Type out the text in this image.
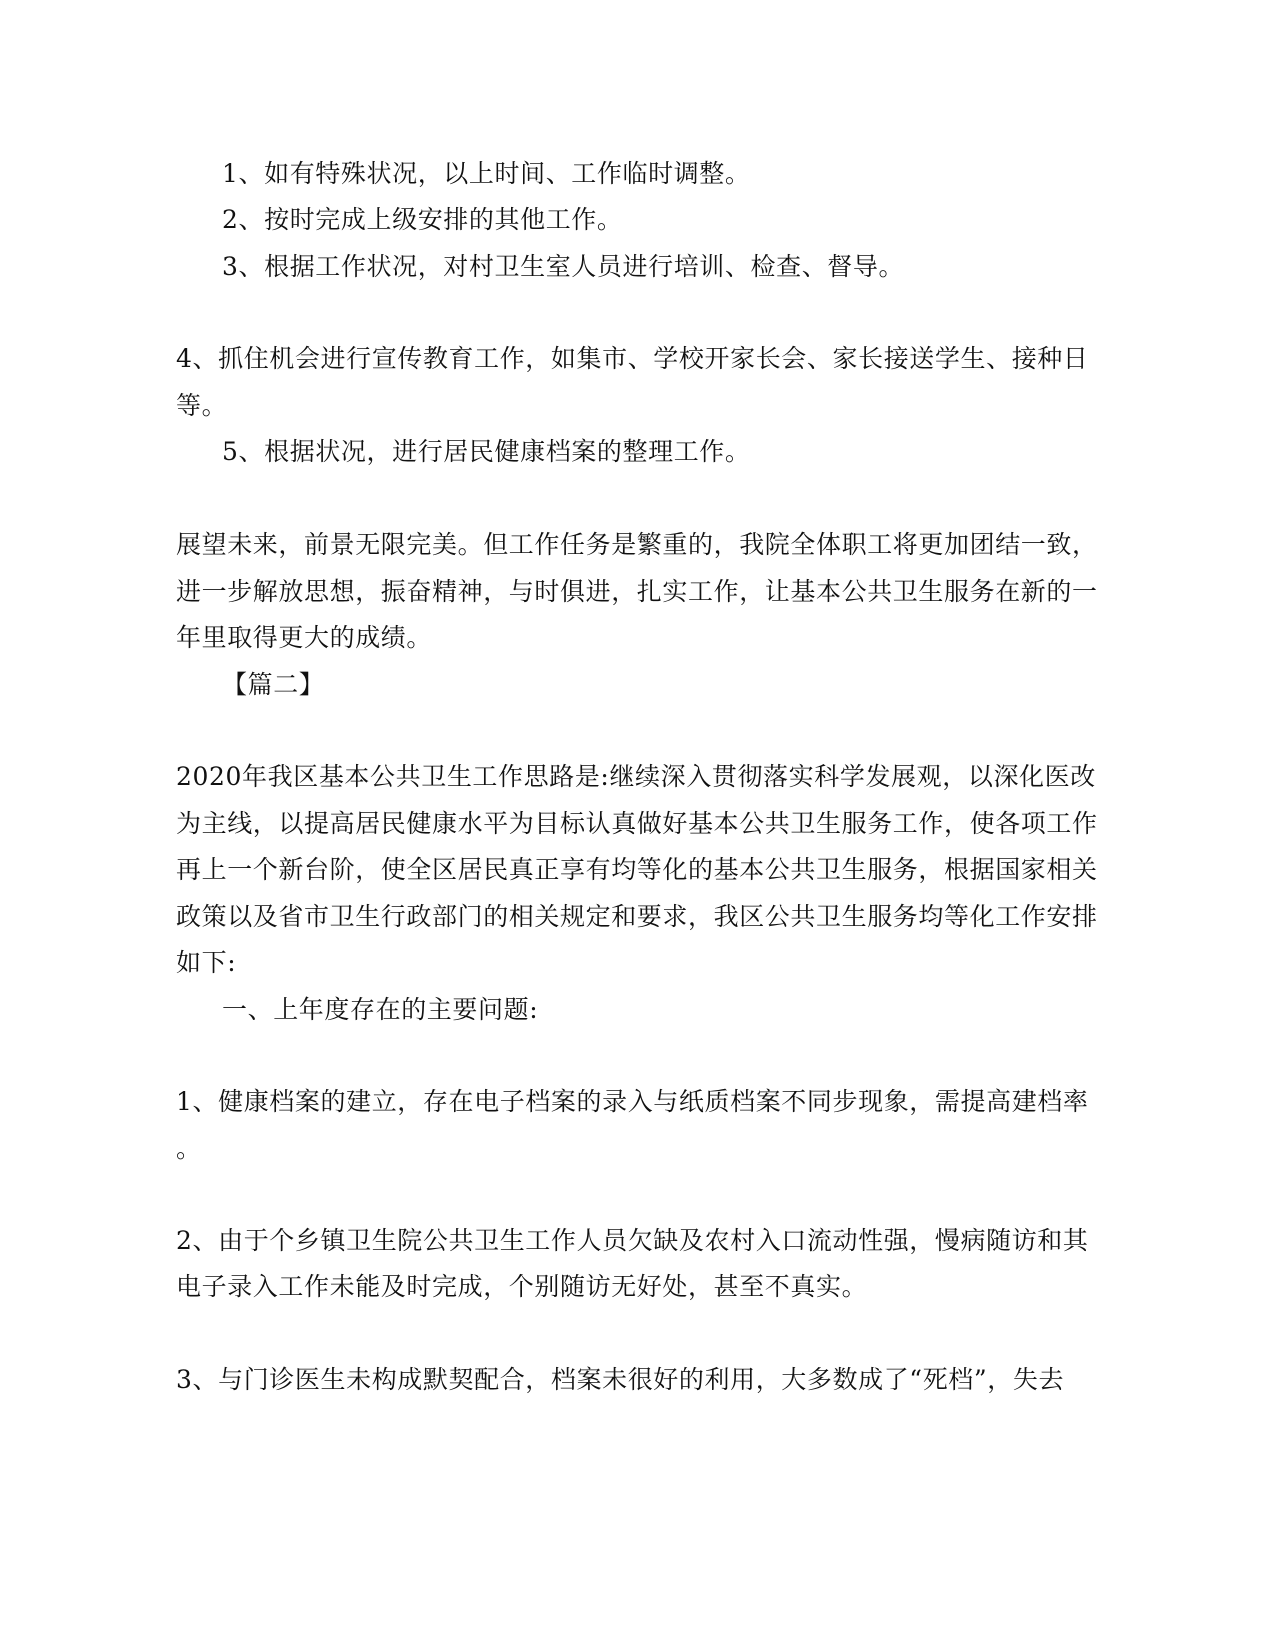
1、如有特殊状况，以上时间、工作临时调整。
2、按时完成上级安排的其他工作。
3、根据工作状况，对村卫生室人员进行培训、检查、督导。
4、抓住机会进行宣传教育工作，如集市、学校开家长会、家长接送学生、接种日
等。
5、根据状况，进行居民健康档案的整理工作。
展望未来，前景无限完美。但工作任务是繁重的，我院全体职工将更加团结一致，
进一步解放思想，振奋精神，与时俱进，扎实工作，让基本公共卫生服务在新的一
年里取得更大的成绩。
【篇二】
2020年我区基本公共卫生工作思路是:继续深入贯彻落实科学发展观，以深化医改
为主线，以提高居民健康水平为目标认真做好基本公共卫生服务工作，使各项工作
再上一个新台阶，使全区居民真正享有均等化的基本公共卫生服务，根据国家相关
政策以及省市卫生行政部门的相关规定和要求，我区公共卫生服务均等化工作安排
如下:
一、上年度存在的主要问题:
1、健康档案的建立，存在电子档案的录入与纸质档案不同步现象，需提高建档率
。
2、由于个乡镇卫生院公共卫生工作人员欠缺及农村入口流动性强，慢病随访和其
电子录入工作未能及时完成，个别随访无好处，甚至不真实。
3、与门诊医生未构成默契配合，档案未很好的利用，大多数成了“死档”，失去
